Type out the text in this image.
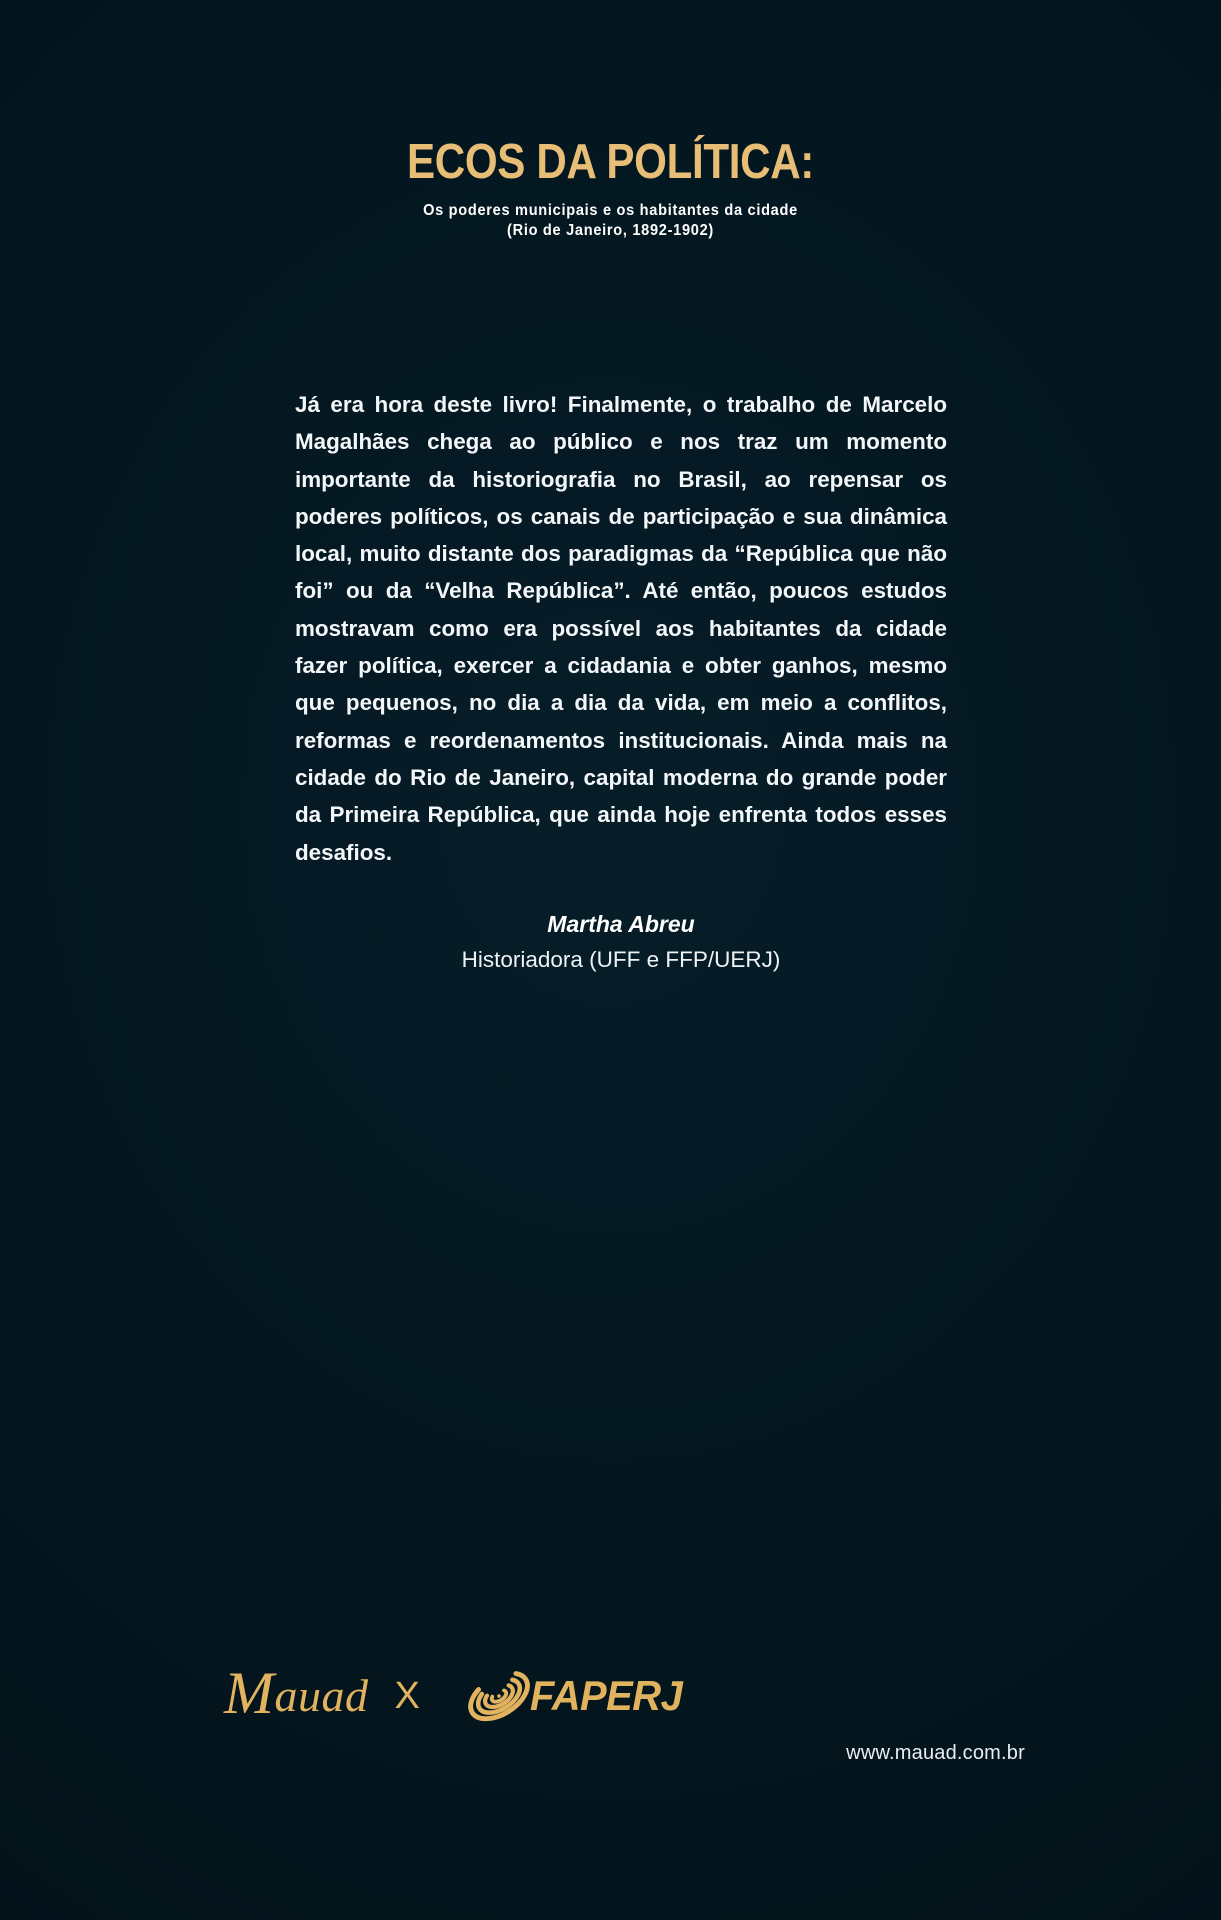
ECOS DA POLÍTICA:

Os poderes municipais e os habitantes da cidade

(Rio de Janeiro, 1892-1902)

Já era hora deste livro! Finalmente, o trabalho de Marcelo Magalhães chega ao público e nos traz um momento importante da historiografia no Brasil, ao repensar os poderes políticos, os canais de participação e sua dinâmica local, muito distante dos paradigmas da “República que não foi” ou da “Velha República”. Até então, poucos estudos mostravam como era possível aos habitantes da cidade fazer política, exercer a cidadania e obter ganhos, mesmo que pequenos, no dia a dia da vida, em meio a conflitos, reformas e reordenamentos institucionais. Ainda mais na cidade do Rio de Janeiro, capital moderna do grande poder da Primeira República, que ainda hoje enfrenta todos esses desafios.

Martha Abreu
Historiadora (UFF e FFP/UERJ)
Mauad X	FAPERJ
www.mauad.com.br
